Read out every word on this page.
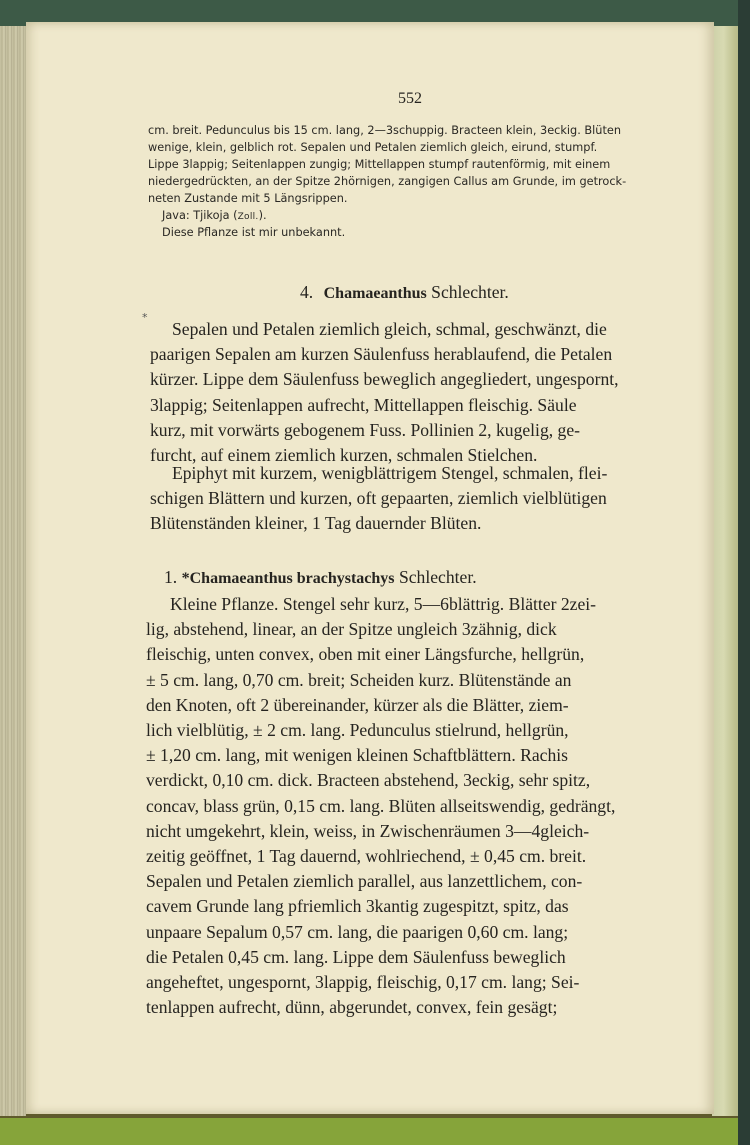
552
cm. breit. Pedunculus bis 15 cm. lang, 2—3schuppig. Bracteen klein, 3eckig. Blüten
wenige, klein, gelblich rot. Sepalen und Petalen ziemlich gleich, eirund, stumpf.
Lippe 3lappig; Seitenlappen zungig; Mittellappen stumpf rautenförmig, mit einem
niedergedrückten, an der Spitze 2hörnigen, zangigen Callus am Grunde, im getrock-
neten Zustande mit 5 Längsrippen.
Java: Tjikoja (Zoll.).
Diese Pflanze ist mir unbekannt.
4. Chamaeanthus Schlechter.
*
Sepalen und Petalen ziemlich gleich, schmal, geschwänzt, die
paarigen Sepalen am kurzen Säulenfuss herablaufend, die Petalen
kürzer. Lippe dem Säulenfuss beweglich angegliedert, ungespornt,
3lappig; Seitenlappen aufrecht, Mittellappen fleischig. Säule
kurz, mit vorwärts gebogenem Fuss. Pollinien 2, kugelig, ge-
furcht, auf einem ziemlich kurzen, schmalen Stielchen.
Epiphyt mit kurzem, wenigblättrigem Stengel, schmalen, flei-
schigen Blättern und kurzen, oft gepaarten, ziemlich vielblütigen
Blütenständen kleiner, 1 Tag dauernder Blüten.
1. *Chamaeanthus brachystachys Schlechter.
Kleine Pflanze. Stengel sehr kurz, 5—6blättrig. Blätter 2zei-
lig, abstehend, linear, an der Spitze ungleich 3zähnig, dick
fleischig, unten convex, oben mit einer Längsfurche, hellgrün,
± 5 cm. lang, 0,70 cm. breit; Scheiden kurz. Blütenstände an
den Knoten, oft 2 übereinander, kürzer als die Blätter, ziem-
lich vielblütig, ± 2 cm. lang. Pedunculus stielrund, hellgrün,
± 1,20 cm. lang, mit wenigen kleinen Schaftblättern. Rachis
verdickt, 0,10 cm. dick. Bracteen abstehend, 3eckig, sehr spitz,
concav, blass grün, 0,15 cm. lang. Blüten allseitswendig, gedrängt,
nicht umgekehrt, klein, weiss, in Zwischenräumen 3—4gleich-
zeitig geöffnet, 1 Tag dauernd, wohlriechend, ± 0,45 cm. breit.
Sepalen und Petalen ziemlich parallel, aus lanzettlichem, con-
cavem Grunde lang pfriemlich 3kantig zugespitzt, spitz, das
unpaare Sepalum 0,57 cm. lang, die paarigen 0,60 cm. lang;
die Petalen 0,45 cm. lang. Lippe dem Säulenfuss beweglich
angeheftet, ungespornt, 3lappig, fleischig, 0,17 cm. lang; Sei-
tenlappen aufrecht, dünn, abgerundet, convex, fein gesägt;
